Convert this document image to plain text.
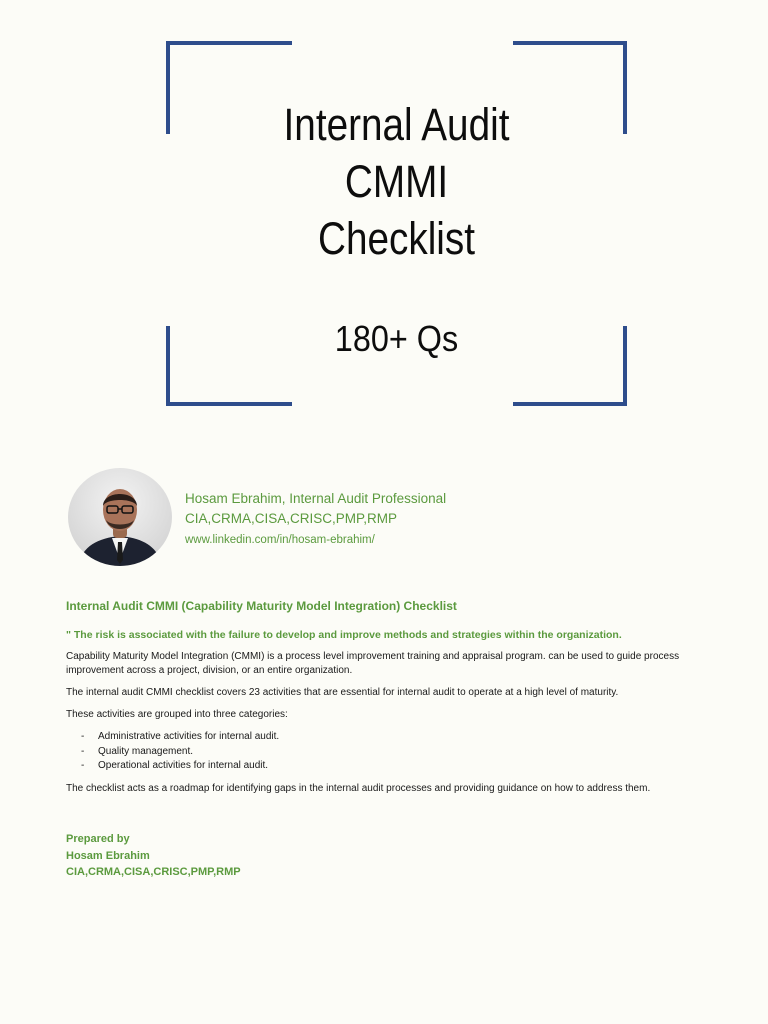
Internal Audit
CMMI
Checklist
180+ Qs
Hosam Ebrahim, Internal Audit Professional
CIA,CRMA,CISA,CRISC,PMP,RMP
www.linkedin.com/in/hosam-ebrahim/
Internal Audit CMMI (Capability Maturity Model Integration) Checklist
" The risk is associated with the failure to develop and improve methods and strategies within the organization.

Capability Maturity Model Integration (CMMI) is a process level improvement training and appraisal program. can be used to guide process improvement across a project, division, or an entire organization.

The internal audit CMMI checklist covers 23 activities that are essential for internal audit to operate at a high level of maturity.

These activities are grouped into three categories:

- Administrative activities for internal audit.
- Quality management.
- Operational activities for internal audit.

The checklist acts as a roadmap for identifying gaps in the internal audit processes and providing guidance on how to address them.

Prepared by
Hosam Ebrahim
CIA,CRMA,CISA,CRISC,PMP,RMP
